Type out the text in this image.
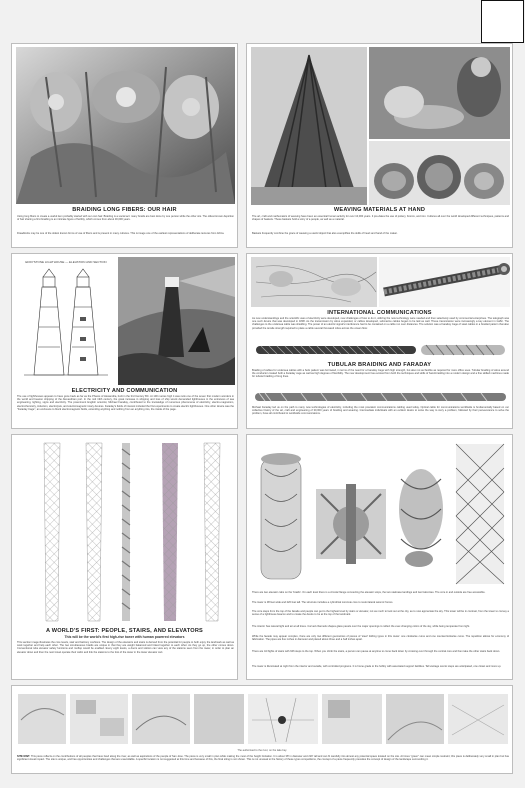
BRAIDING LONG FIBERS: OUR HAIR
Using long fibers to create a useful item probably started with our own hair. Braiding is a social act: many braids are best done by one person while the other sits. The oldest known depiction of hair sharing a first braiding is an intricate figure of fertility, which comes from about 30,000 years.
Dreadlocks may be one of the oldest known forms of use of fibers and is present in many cultures. This is image one of the earliest representations of deliberate textures from Africa.
WEAVING MATERIALS AT HAND
The art, craft and mathematics of weaving have been an essential human activity for over 10,000 years. It pre-dates the use of pottery, bronze, and iron. Cultures all over the world developed different techniques, patterns and shapes of baskets. These baskets hold a story of a people, as well as a material.
Baskets frequently combine the grace of weaving a useful object that also exemplifies the skills of heart and hand of the maker.
EDDYSTONE LIGHTHOUSE — ELEVATION AND SECTION
ELECTRICITY AND COMMUNICATION
The use of lighthouses appears to have gone back as far as the Pharos of Alexandria, built in the 3rd Century BC. At 100 metres high it was rank one of the seven first modern wonders in the world and beacon shipping of the Alexandrian port. In the mid 19th century, the great increase in shipping and loss of ship wreck demanded lighthouses in the entrances of sea engineering, lighting, signs and electricity. The preeminent English scientist, Michael Faraday, contributed to the knowledge of numerous phenomena of electricity, electro-magnetism, electrochemistry, induction, electrolysis, and electromagnetic rotary devices. Faraday's fields of interest included the first experiments to create electric lighthouses. One other device was the "Faraday Cage", an enclosure to block electromagnetic fields, extending anything and nothing from an anything into, the inside of the page.
INTERNATIONAL COMMUNICATIONS
As new understandings and the scientific uses of electricity were developed, new challenges of how to do it, utilizing the new technology were needed and then selectively used by commercial enterprises. The telegraph was one such device that was developed in 1838. As the transmission by wires expanded, or cables developed, submarine cables began to be laid as well. These transmission were increasingly a key element in traffic. The challenges to the undersea cable was shielding. The power of an electric signal's interference had to be contained on a cable run over distances. The solution was a Faraday Cage of steel cables in a braided pattern that also provided the tensile strength required to place a cable several thousand miles across the ocean floor.
TUBULAR BRAIDING AND FARADAY
Braiding of cables for undersea cables with a helix pattern was borrowed, in terms of the need for a Faraday Cage with high strength, but also not as flexible as required for more office uses. Tubular braiding of wires around the conductor created both a Faraday cage as well as high degrees of flexibility. The new development has evolved from both the techniques and skills of hand-braiding into a modern design and a fine skilled machines made for tubular braiding of long lines.
Michael Faraday led us on the path to many new technologies of electricity, including the most prevalent communications cabling used today. Optical cable for communications worldwide is fundamentally based on our collective history of the art, craft and engineering of 30,000 years of braiding and weaving. Intermediate individuals with an evident desire to solve the way to story a problem, followed by their perseverance to solve the problem, have all contributed to worldwide communications.
A WORLD'S FIRST: PEOPLE, STAIRS, AND ELEVATORS
This will be the world's first high-rise tower with human powered elevators
This section image illustrates the core levels, stair and balcony cushions. The design of the elevators and stairs is derived from the potential for people to both enjoy the landmark as well as work together and help each other. The two simultaneous braids are unique in that they are weight balanced and linked together to each other. As they go up, the other comes down. Conventional tube elevator safety functions and rooftop would be enabled. Every eight levels, a doors and visitors can view any of the stations seen from the tower, in order to plan an elevator down and then the next travel operate their cabin and link the stations to the foot of the tower in the lower elevator cart.
There are two elevator cabs on the 'braids'. On each level there is a circular flange connecting the elevator stops, the two staircase landings and two balconies. The core in and outside are free accessible.
The tower is 38 feet wide and 220 feet tall. The structure includes a cylindrical concrete core to resist lateral seismic forces.
The core steps from the top of the facade and people can get to the highest level by stairs or elevator, not as much to look out at the city, as to now appreciate the sky. This tower will be in contrast, from the tower to convey a sense of a lighthouse beacon and to create the desire to be at the top of the landmark.
The interior has natural light and air at all times. Curved channels shapes glass panels over the major openings to reflect the ever-changing colors of the sky, while being temperate from light.
While the facade may appear complex, there are only two different geometries of pieces of 'steel' folding types in this tower: one clockwise curve and one counterclockwise curve. The repetition allows for economy of fabrication. The pipes are five inches in diameter and placed about three and a half inches apart.
There are 44 flights of stairs with 646 steps to the top. When you climb the stairs, a person can pause at anytime to come back down by crossing over through the central core and then take the other stairs back down.
The tower is illuminated at night from the interior and outside, with controlled programs. It is home grade to the hobby with associated support facilities. Tall vantage scenic steps are anticipated, one closet and more up.
The authorised to the river, on the lake bay
SITE MAP: This piece reflects on the contributions of all peoples that have lived along the river, as well as aspirations of the people of San Jose. The piece is very small in plan while making the most of the height limitation. It is about 38' in diameter and 220' tall and can fit carefully into almost any potential space located on the site. At times "green" can mean simple restraint; this piece is deliberately very small in plan but has significant visual impact. The site is unique, and has opportunities and challenges that are unavoidable. A specific location is not suggested at this time and because of this, the final siting is not shown. This is not unusual to the history of these types competitions, the concept of a piece frequently precedes the concept of design of the landscape surrounding it.
